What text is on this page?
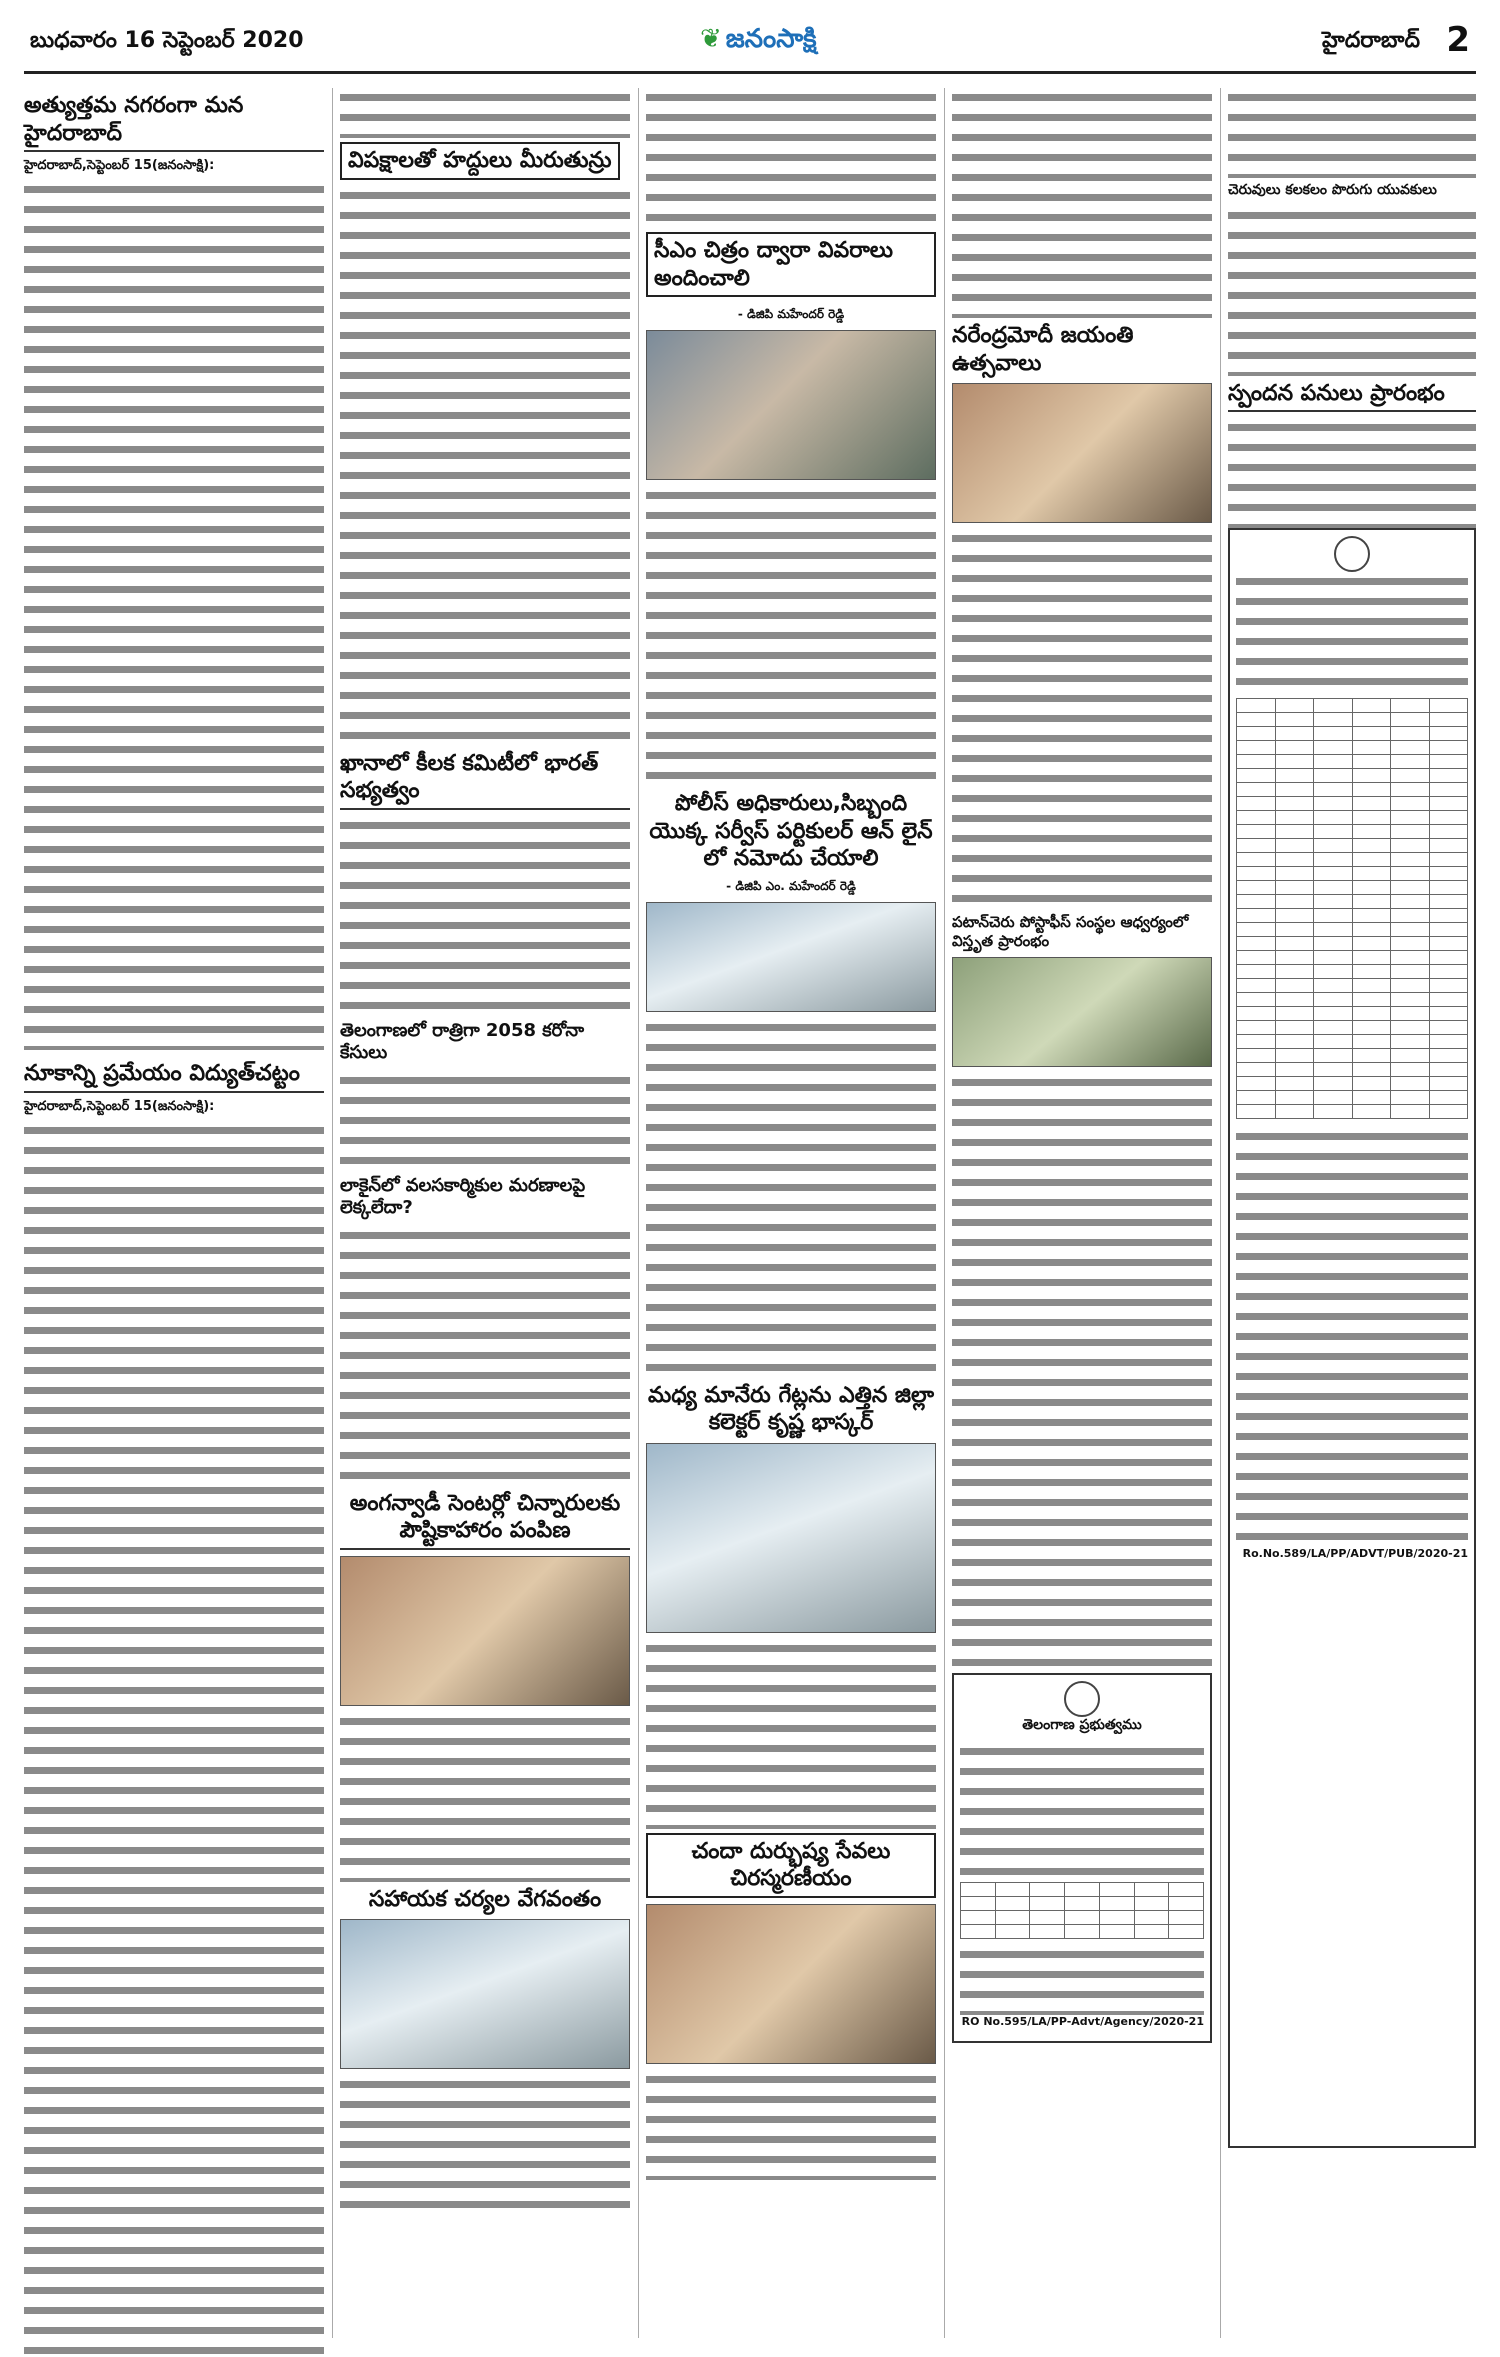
బుధవారం 16 సెప్టెంబర్ 2020	❦ జనంసాక్షి	హైదరాబాద్ 2
అత్యుత్తమ నగరంగా మన హైదరాబాద్
హైదరాబాద్,సెప్టెంబర్ 15(జనంసాక్షి):
నూకాన్ని ప్రమేయం విద్యుత్‌చట్టం
హైదరాబాద్,సెప్టెంబర్ 15(జనంసాక్షి):
విపక్షాలతో హద్దులు మీరుతున్రు
ఖానాలో కీలక కమిటీలో భారత్ సభ్యత్వం
తెలంగాణలో రాత్రిగా 2058 కరోనా కేసులు
లాకైన్‌లో వలసకార్మికుల మరణాలపై లెక్కలేదా?
అంగన్వాడీ సెంటర్లో చిన్నారులకు పౌష్టికాహారం పంపిణ
సహాయక చర్యల వేగవంతం
సీఎం చిత్రం ద్వారా వివరాలు అందించాలి
- డిజిపి మహేందర్ రెడ్డి
పోలీస్ అధికారులు,సిబ్బంది యొక్క సర్వీస్ పర్టికులర్ ఆన్ లైన్ లో నమోదు చేయాలి
- డిజిపి ఎం. మహేందర్ రెడ్డి
మధ్య మానేరు గేట్లను ఎత్తిన జిల్లా కలెక్టర్ కృష్ణ భాస్కర్
చందా దుర్భుష్య సేవలు చిరస్మరణీయం
నరేంద్రమోదీ జయంతి ఉత్సవాలు
పటాన్‌చెరు పోస్టాఫీస్ సంస్థల ఆధ్వర్యంలో విస్తృత ప్రారంభం
తెలంగాణ ప్రభుత్వము

RO No.595/LA/PP-Advt/Agency/2020-21
చెరువులు కలకలం పొరుగు యువకులు
స్పందన పనులు ప్రారంభం

Ro.No.589/LA/PP/ADVT/PUB/2020-21
